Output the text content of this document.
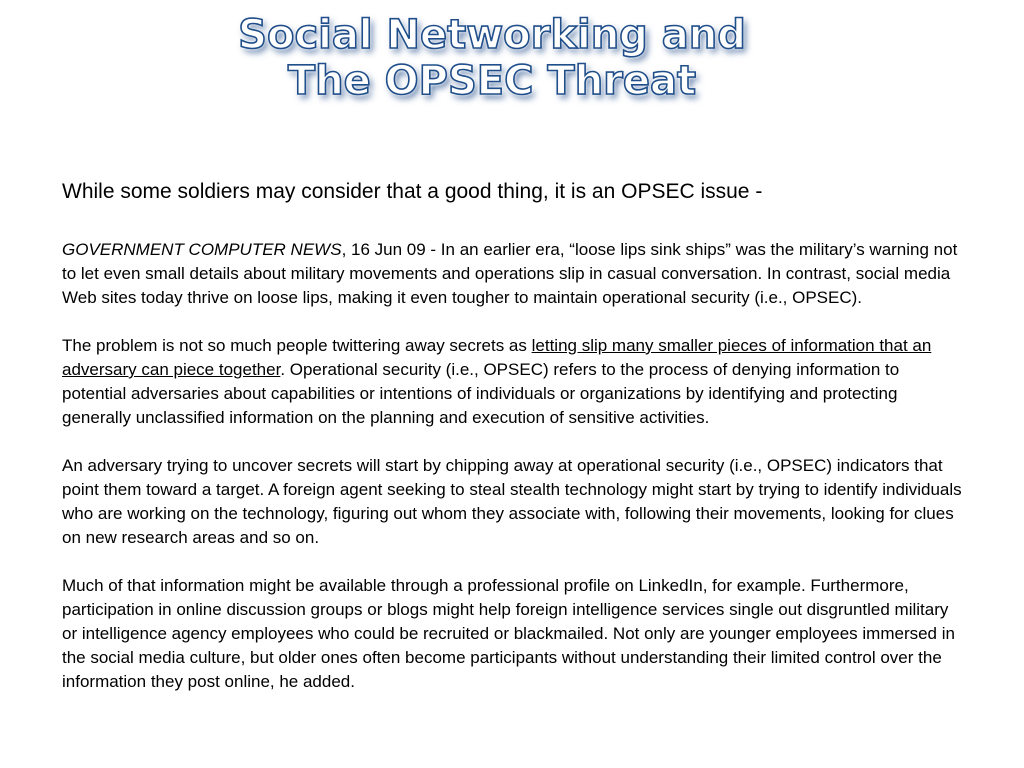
Social Networking and
The OPSEC Threat
While some soldiers may consider that a good thing, it is an OPSEC issue -

GOVERNMENT COMPUTER NEWS, 16 Jun 09 - In an earlier era, “loose lips sink ships” was the military’s warning not to let even small details about military movements and operations slip in casual conversation. In contrast, social media Web sites today thrive on loose lips, making it even tougher to maintain operational security (i.e., OPSEC).

The problem is not so much people twittering away secrets as letting slip many smaller pieces of information that an adversary can piece together. Operational security (i.e., OPSEC) refers to the process of denying information to potential adversaries about capabilities or intentions of individuals or organizations by identifying and protecting generally unclassified information on the planning and execution of sensitive activities.

An adversary trying to uncover secrets will start by chipping away at operational security (i.e., OPSEC) indicators that point them toward a target. A foreign agent seeking to steal stealth technology might start by trying to identify individuals who are working on the technology, figuring out whom they associate with, following their movements, looking for clues on new research areas and so on.

Much of that information might be available through a professional profile on LinkedIn, for example. Furthermore, participation in online discussion groups or blogs might help foreign intelligence services single out disgruntled military or intelligence agency employees who could be recruited or blackmailed. Not only are younger employees immersed in the social media culture, but older ones often become participants without understanding their limited control over the information they post online, he added.
